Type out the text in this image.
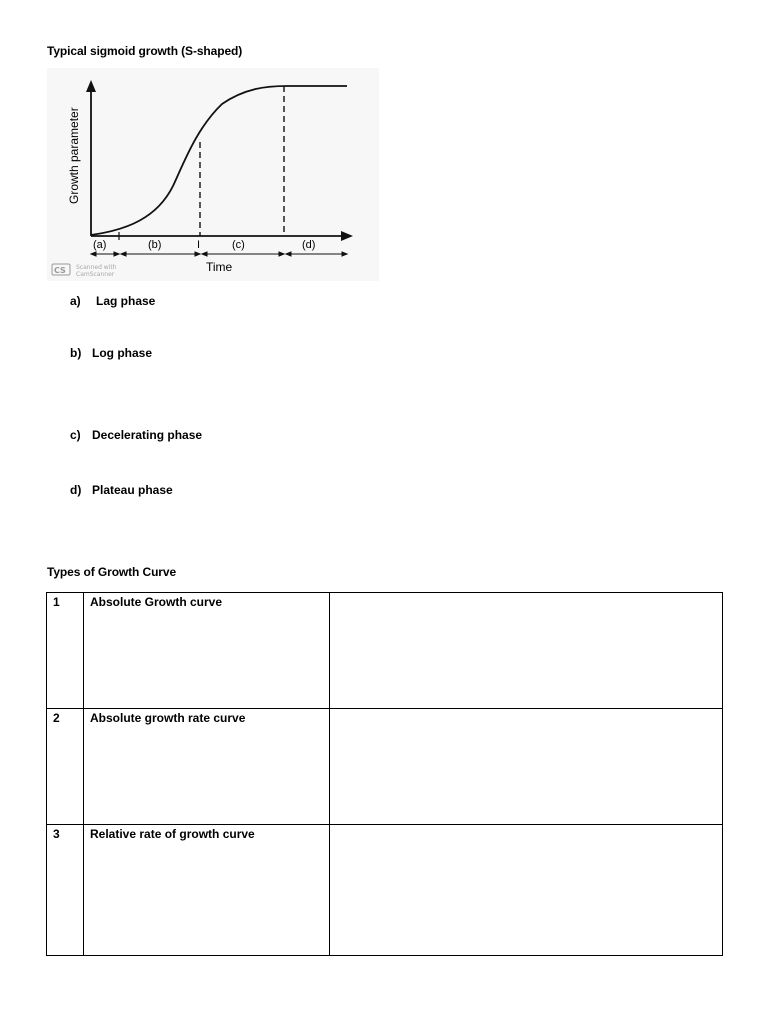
Typical sigmoid growth (S-shaped)
(a)	(b)	I	(c)	(d)
Time
Growth parameter
CS Scanned with
CamScanner
a) Lag phase
b) Log phase
c) Decelerating phase
d) Plateau phase
Types of Growth Curve
1	Absolute Growth curve	
2	Absolute growth rate curve	
3	Relative rate of growth curve	
